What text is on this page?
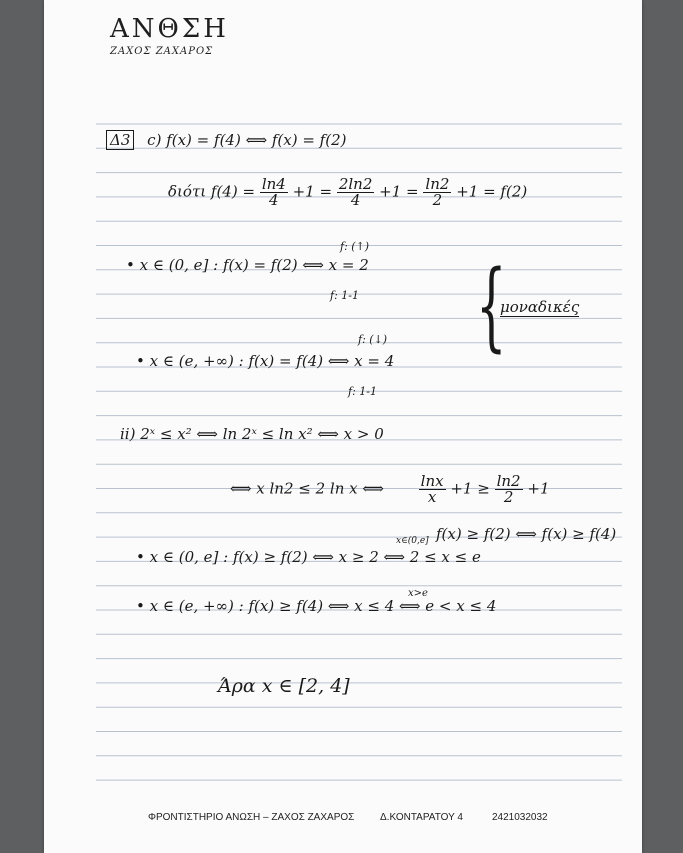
ΑΝΘΣΗ
ΖΑΧΟΣ ΖΑΧΑΡΟΣ
Δ3 c) f(x) = f(4) ⟺ f(x) = f(2)
διότι $f(4) = \frac{\ln 4}{4} +1 = \frac{2\ln 2}{4} +1 = \frac{\ln 2}{2} +1 = f(2)$
f: (↑)
• x ∈ (0, e] : f(x) = f(2) ⟺ x = 2
f: 1-1 {
μοναδικές
f: (↓)
• x ∈ (e, +∞) : f(x) = f(4) ⟺ x = 4
f: 1-1
ii) 2ˣ ≤ x² ⟺ ln 2ˣ ≤ ln x² ⟺ x > 0
⟺ x ln2 ≤ 2 ln x ⟺ $\frac{\ln x}{x} +1 \ge \frac{\ln 2}{2} +1$
f(x) ≥ f(2) ⟺ f(x) ≥ f(4)
x∈(0,e]
• x ∈ (0, e] : f(x) ≥ f(2) ⟺ x ≥ 2 ⟺ 2 ≤ x ≤ e
x>e
• x ∈ (e, +∞) : f(x) ≥ f(4) ⟺ x ≤ 4 ⟺ e < x ≤ 4
Άρα x ∈ [2, 4]
ΦΡΟΝΤΙΣΤΗΡΙΟ ΑΝΩΣΗ – ΖΑΧΟΣ ΖΑΧΑΡΟΣ	Δ.ΚΟΝΤΑΡΑΤΟΥ 4	2421032032
